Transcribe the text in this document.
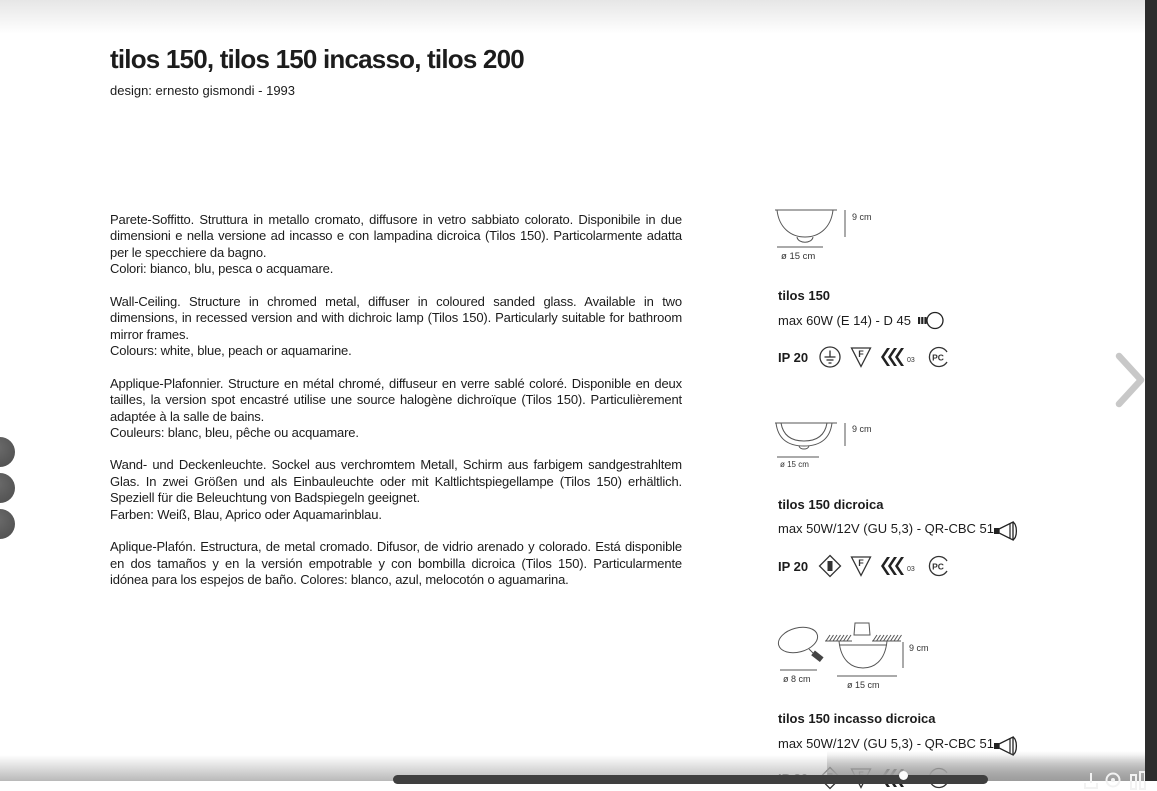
tilos 150, tilos 150 incasso, tilos 200
design: ernesto gismondi - 1993

Parete-Soffitto. Struttura in metallo cromato, diffusore in vetro sabbiato colorato. Disponibile in due dimensioni e nella versione ad incasso e con lampadina dicroica (Tilos 150). Particolarmente adatta per le specchiere da bagno.
Colori: bianco, blu, pesca o acquamare.

Wall-Ceiling. Structure in chromed metal, diffuser in coloured sanded glass. Available in two dimensions, in recessed version and with dichroic lamp (Tilos 150). Particularly suitable for bathroom mirror frames.
Colours: white, blue, peach or aquamarine.

Applique-Plafonnier. Structure en métal chromé, diffuseur en verre sablé coloré. Disponible en deux tailles, la version spot encastré utilise une source halogène dichroïque (Tilos 150). Particulièrement adaptée à la salle de bains.
Couleurs: blanc, bleu, pêche ou acquamare.

Wand- und Deckenleuchte. Sockel aus verchromtem Metall, Schirm aus farbigem sandgestrahltem Glas. In zwei Größen und als Einbauleuchte oder mit Kaltlichtspiegellampe (Tilos 150) erhältlich. Speziell für die Beleuchtung von Badspiegeln geeignet.
Farben: Weiß, Blau, Aprico oder Aquamarinblau.

Aplique-Plafón. Estructura, de metal cromado. Difusor, de vidrio arenado y colorado. Está disponible en dos tamaños y en la versión empotrable y con bombilla dicroica (Tilos 150). Particularmente idónea para los espejos de baño. Colores: blanco, azul, melocotón o aguamarina.

9 cm
ø 15 cm
tilos 150
max 60W (E 14) - D 45
IP 20	F
03 PC
9 cm
ø 15 cm
tilos 150 dicroica
max 50W/12V (GU 5,3) - QR-CBC 51
IP 20	F
03 PC
ø 8 cm
9 cm
ø 15 cm
tilos 150 incasso dicroica
max 50W/12V (GU 5,3) - QR-CBC 51
